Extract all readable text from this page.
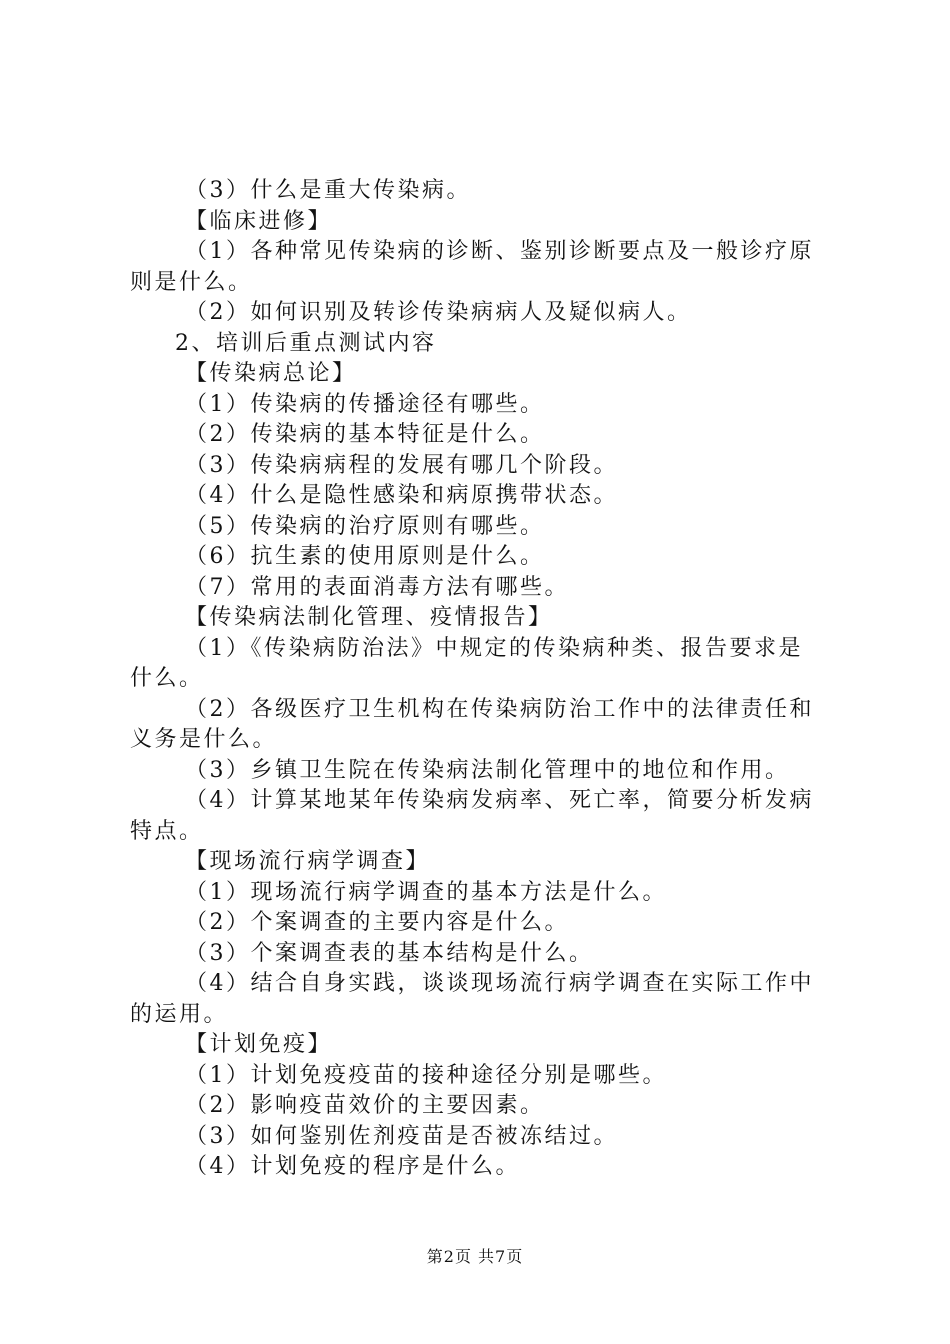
（3）什么是重大传染病。
【临床进修】
（1）各种常见传染病的诊断、鉴别诊断要点及一般诊疗原
则是什么。
（2）如何识别及转诊传染病病人及疑似病人。
2、培训后重点测试内容
【传染病总论】
（1）传染病的传播途径有哪些。
（2）传染病的基本特征是什么。
（3）传染病病程的发展有哪几个阶段。
（4）什么是隐性感染和病原携带状态。
（5）传染病的治疗原则有哪些。
（6）抗生素的使用原则是什么。
（7）常用的表面消毒方法有哪些。
【传染病法制化管理、疫情报告】
（1）《传染病防治法》中规定的传染病种类、报告要求是
什么。
（2）各级医疗卫生机构在传染病防治工作中的法律责任和
义务是什么。
（3）乡镇卫生院在传染病法制化管理中的地位和作用。
（4）计算某地某年传染病发病率、死亡率，简要分析发病
特点。
【现场流行病学调查】
（1）现场流行病学调查的基本方法是什么。
（2）个案调查的主要内容是什么。
（3）个案调查表的基本结构是什么。
（4）结合自身实践，谈谈现场流行病学调查在实际工作中
的运用。
【计划免疫】
（1）计划免疫疫苗的接种途径分别是哪些。
（2）影响疫苗效价的主要因素。
（3）如何鉴别佐剂疫苗是否被冻结过。
（4）计划免疫的程序是什么。
第2页 共7页
